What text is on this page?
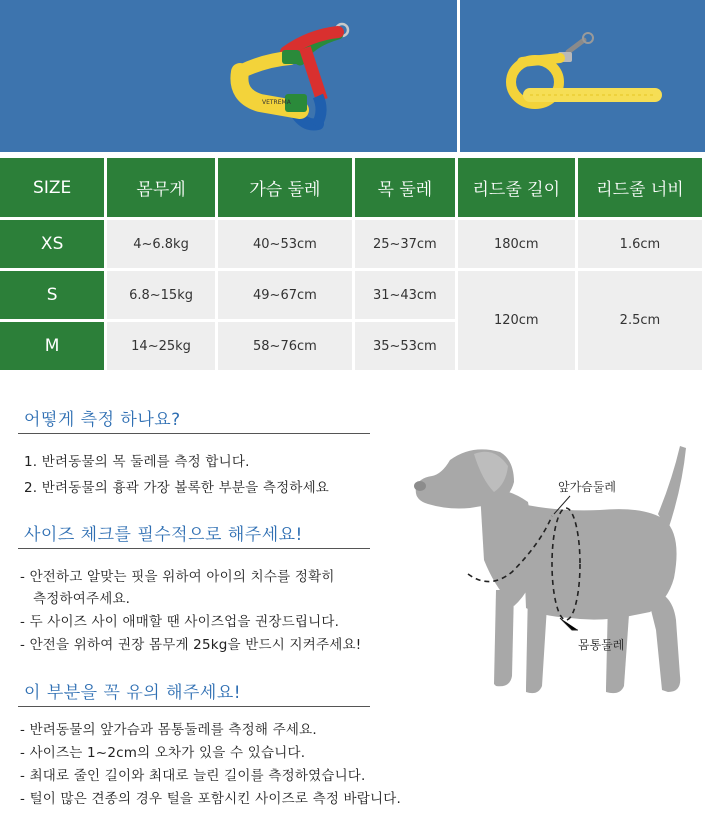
VETREMA
SIZE	몸무게	가슴 둘레	목 둘레	리드줄 길이	리드줄 너비
XS	4~6.8kg	40~53cm	25~37cm	180cm	1.6cm
S	6.8~15kg	49~67cm	31~43cm	120cm	2.5cm
M	14~25kg	58~76cm	35~53cm		
어떻게 측정 하나요?
1. 반려동물의 목 둘레를 측정 합니다.
2. 반려동물의 흉곽 가장 볼록한 부분을 측정하세요
사이즈 체크를 필수적으로 해주세요!
- 안전하고 알맞는 핏을 위하여 아이의 치수를 정확히
측정하여주세요.
- 두 사이즈 사이 애매할 땐 사이즈업을 권장드립니다.
- 안전을 위하여 권장 몸무게 25kg을 반드시 지켜주세요!
이 부분을 꼭 유의 해주세요!
- 반려동물의 앞가슴과 몸통둘레를 측정해 주세요.
- 사이즈는 1~2cm의 오차가 있을 수 있습니다.
- 최대로 줄인 길이와 최대로 늘린 길이를 측정하였습니다.
- 털이 많은 견종의 경우 털을 포함시킨 사이즈로 측정 바랍니다.
앞가슴둘레
몸통둘레
